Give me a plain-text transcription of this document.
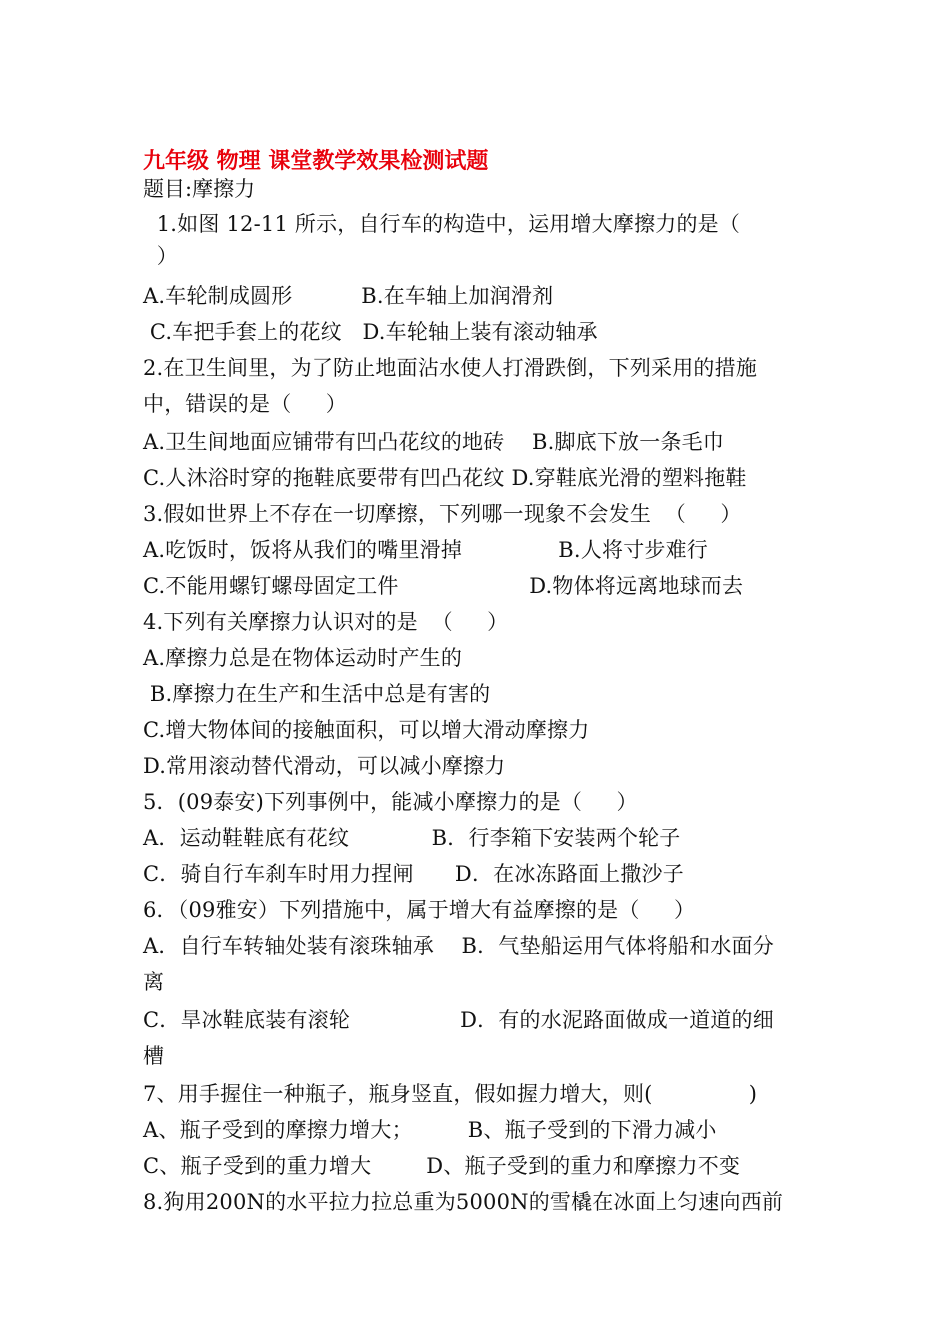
九年级 物理 课堂教学效果检测试题
题目:摩擦力
1.如图 12-11 所示，自行车的构造中，运用增大摩擦力的是（
）
A.车轮制成圆形          B.在车轴上加润滑剂
C.车把手套上的花纹   D.车轮轴上装有滚动轴承
2.在卫生间里，为了防止地面沾水使人打滑跌倒，下列采用的措施
中，错误的是（     ）
A.卫生间地面应铺带有凹凸花纹的地砖    B.脚底下放一条毛巾
C.人沐浴时穿的拖鞋底要带有凹凸花纹 D.穿鞋底光滑的塑料拖鞋
3.假如世界上不存在一切摩擦，下列哪一现象不会发生  （     ）
A.吃饭时，饭将从我们的嘴里滑掉              B.人将寸步难行
C.不能用螺钉螺母固定工件                   D.物体将远离地球而去
4.下列有关摩擦力认识对的是  （     ）
A.摩擦力总是在物体运动时产生的
B.摩擦力在生产和生活中总是有害的
C.增大物体间的接触面积，可以增大滑动摩擦力
D.常用滚动替代滑动，可以减小摩擦力
5．(09泰安)下列事例中，能减小摩擦力的是（     ）
A．运动鞋鞋底有花纹            B．行李箱下安装两个轮子
C．骑自行车刹车时用力捏闸      D．在冰冻路面上撒沙子
6．（09雅安）下列措施中，属于增大有益摩擦的是（     ）
A．自行车转轴处装有滚珠轴承    B．气垫船运用气体将船和水面分
离
C．旱冰鞋底装有滚轮                D．有的水泥路面做成一道道的细
槽
7、用手握住一种瓶子，瓶身竖直，假如握力增大，则(              )
A、瓶子受到的摩擦力增大；        B、瓶子受到的下滑力减小
C、瓶子受到的重力增大        D、瓶子受到的重力和摩擦力不变
8.狗用200N的水平拉力拉总重为5000N的雪橇在冰面上匀速向西前
